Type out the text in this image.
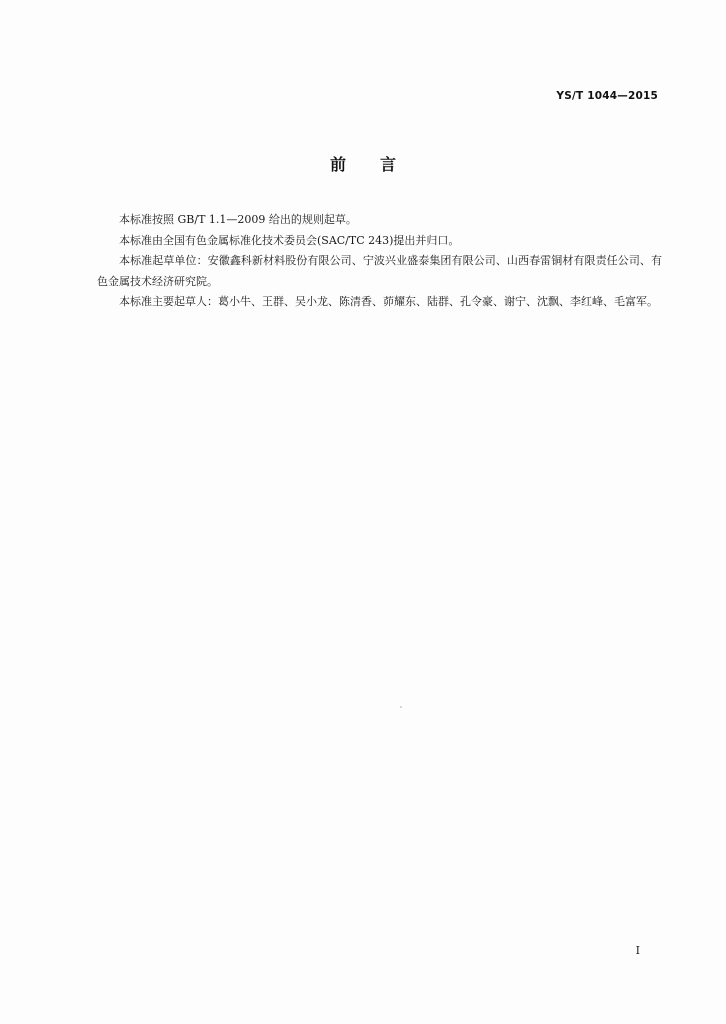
YS/T 1044—2015
前言

本标准按照 GB/T 1.1—2009 给出的规则起草。

本标准由全国有色金属标准化技术委员会(SAC/TC 243)提出并归口。

本标准起草单位：安徽鑫科新材料股份有限公司、宁波兴业盛泰集团有限公司、山西春雷铜材有限责任公司、有色金属技术经济研究院。

本标准主要起草人：葛小牛、王群、吴小龙、陈清香、茆耀东、陆群、孔令豪、谢宁、沈飘、李红峰、毛富军。

I
